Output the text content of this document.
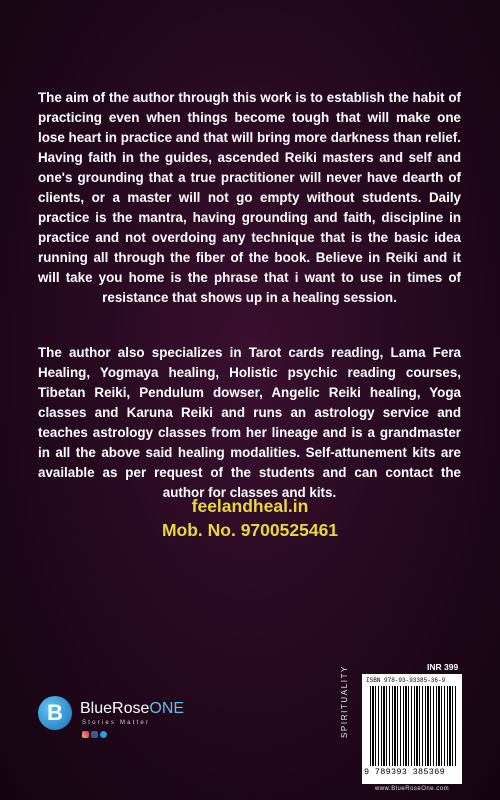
The aim of the author through this work is to establish the habit of practicing even when things become tough that will make one lose heart in practice and that will bring more darkness than relief. Having faith in the guides, ascended Reiki masters and self and one's grounding that a true practitioner will never have dearth of clients, or a master will not go empty without students. Daily practice is the mantra, having grounding and faith, discipline in practice and not overdoing any technique that is the basic idea running all through the fiber of the book. Believe in Reiki and it will take you home is the phrase that i want to use in times of resistance that shows up in a healing session.

The author also specializes in Tarot cards reading, Lama Fera Healing, Yogmaya healing, Holistic psychic reading courses, Tibetan Reiki, Pendulum dowser, Angelic Reiki healing, Yoga classes and Karuna Reiki and runs an astrology service and teaches astrology classes from her lineage and is a grandmaster in all the above said healing modalities. Self-attunement kits are available as per request of the students and can contact the author for classes and kits.

feelandheal.in
Mob. No. 9700525461
B	BlueRoseONE
Stories Matter	SPIRITUALITY	INR 399
ISBN 978-93-93385-36-9
9 789393 385369
www.BlueRoseOne.com
